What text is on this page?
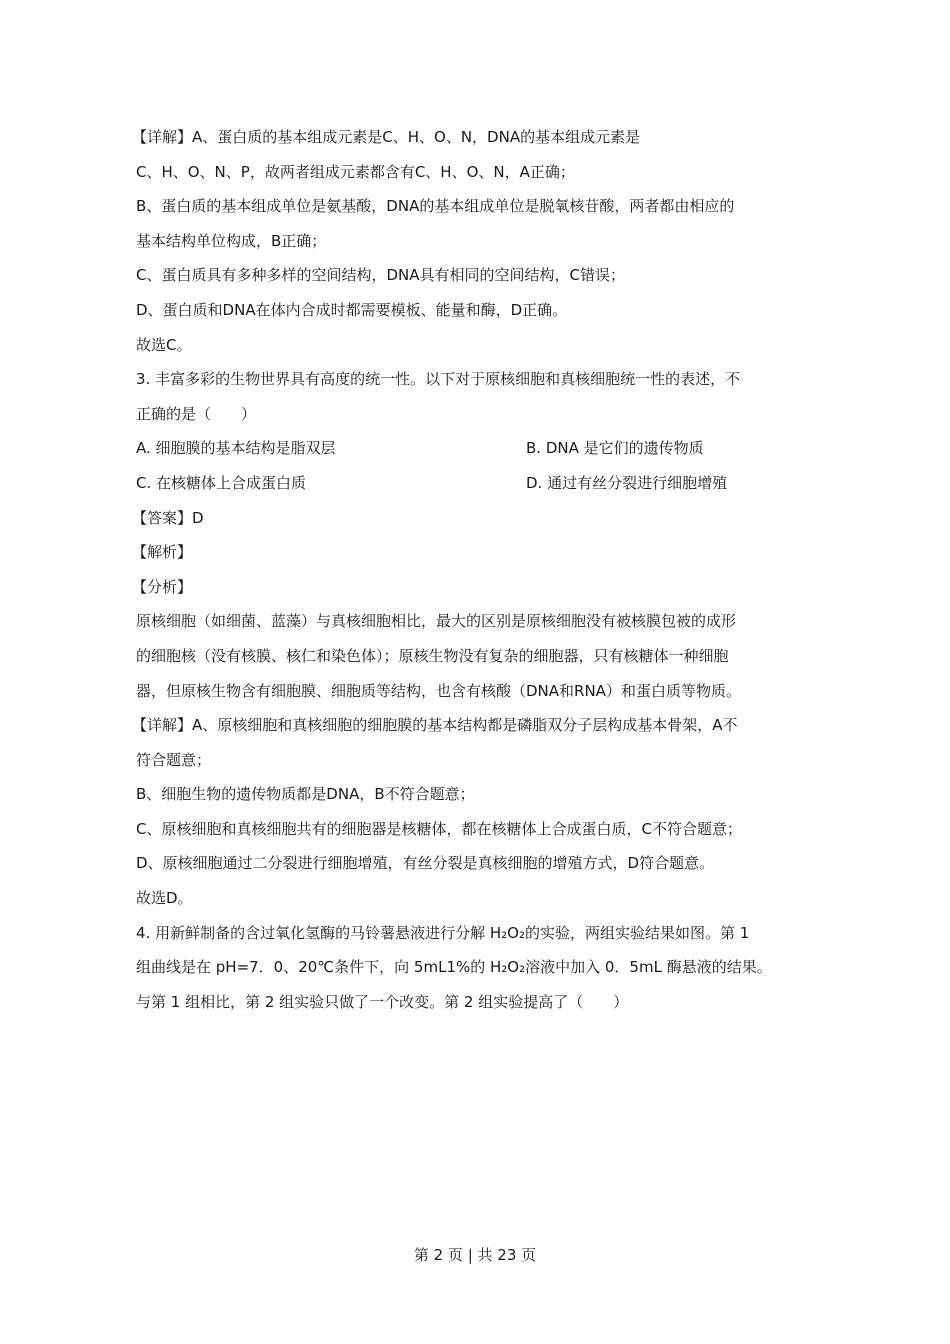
【详解】A、蛋白质的基本组成元素是C、H、O、N，DNA的基本组成元素是
C、H、O、N、P，故两者组成元素都含有C、H、O、N，A正确；
B、蛋白质的基本组成单位是氨基酸，DNA的基本组成单位是脱氧核苷酸，两者都由相应的
基本结构单位构成，B正确；
C、蛋白质具有多种多样的空间结构，DNA具有相同的空间结构，C错误；
D、蛋白质和DNA在体内合成时都需要模板、能量和酶，D正确。
故选C。
3. 丰富多彩的生物世界具有高度的统一性。以下对于原核细胞和真核细胞统一性的表述，不
正确的是（　　）
A. 细胞膜的基本结构是脂双层	B. DNA 是它们的遗传物质
C. 在核糖体上合成蛋白质	D. 通过有丝分裂进行细胞增殖
【答案】D
【解析】
【分析】
原核细胞（如细菌、蓝藻）与真核细胞相比，最大的区别是原核细胞没有被核膜包被的成形
的细胞核（没有核膜、核仁和染色体）；原核生物没有复杂的细胞器，只有核糖体一种细胞
器，但原核生物含有细胞膜、细胞质等结构，也含有核酸（DNA和RNA）和蛋白质等物质。
【详解】A、原核细胞和真核细胞的细胞膜的基本结构都是磷脂双分子层构成基本骨架，A不
符合题意；
B、细胞生物的遗传物质都是DNA，B不符合题意；
C、原核细胞和真核细胞共有的细胞器是核糖体，都在核糖体上合成蛋白质，C不符合题意；
D、原核细胞通过二分裂进行细胞增殖，有丝分裂是真核细胞的增殖方式，D符合题意。
故选D。
4. 用新鲜制备的含过氧化氢酶的马铃薯悬液进行分解 H₂O₂的实验，两组实验结果如图。第 1
组曲线是在 pH=7．0、20℃条件下，向 5mL1%的 H₂O₂溶液中加入 0．5mL 酶悬液的结果。
与第 1 组相比，第 2 组实验只做了一个改变。第 2 组实验提高了（　　）
第 2 页 | 共 23 页
